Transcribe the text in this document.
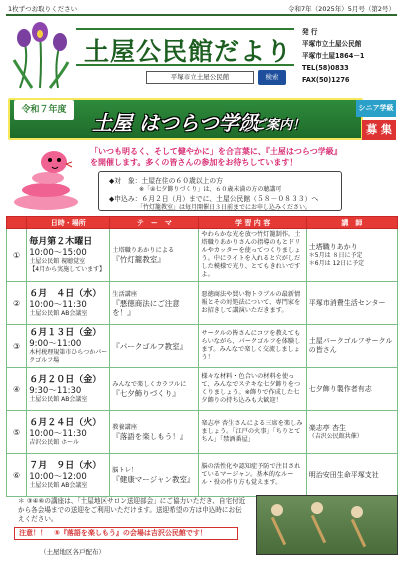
1枚ずつお取りください	令和7年（2025年）5月号（第2号）
土屋公民館だより
平塚市立土屋公民館	検索
発 行
平塚市立土屋公民館
平塚市土屋1864－1
TEL(58)0833
FAX(50)1276
令和７年度
土屋 はつらつ学級
のご案内！
シニア学級
募 集
「いつも明るく、そして健やかに」を合言葉に、『土屋はつらつ学級』
を開催します。多くの皆さんの参加をお待ちしています！
◆対　象：土屋在住の６０歳以上の方
※「④七夕飾りづくり」は、６０歳未満の方の聴講可
◆申込み：６月２日（月）までに、土屋公民館（５８－０８３３）へ
「竹灯籠教室」は毎月開催日３日前までにお申し込みください。
	日時・場所	テ　ー　マ	学 習 内 容	講　師
①	毎月第２木曜日
10:00～15:00
土屋公民館 視聴覚室
【4月から実施しています】	土塔職りあかりによる
『竹灯籠教室』	やわらかな光を放つ竹灯籠制作。土塔職りあかりさんの指導のもとドリルやカッターを使ってつくりましょう。中にライトを入れると穴がしだした模様で光り、とてもきれいですよ。	土塔職りあかり
＊5月は ８日に予定
＊6月は 12日に予定

②	６月　４日（水）
10:00～11:30
土屋公民館 AB会議室	生活講座
『悪徳商法にご注意を！』	悪徳商法や買い物トラブルの最新情報とその対処法について、専門家をお招きして講演いただきます。	平塚市消費生活センター

③	６月１３日（金）
9:00～11:00
木村税理規第市ひらつかパークゴルフ場	『パークゴルフ教室』	サークルの皆さんにコツを教えてもらいながら、パークゴルフを体験します。みんなで楽しく交流しましょう！	土屋パークゴルフサークルの皆さん

④	６月２０日（金）
9:30～11:30
土屋公民館 AB会議室	みんなで楽しくカラフルに
『七夕飾りづくり』	様々な材料・色合いの材料を使って、みんなでステキな七夕飾りをつくりましょう。※飾りで作成した七夕飾りの持ち込みも大歓迎！	七夕飾り製作者有志

⑤	６月２４日（火）
10:00～11:30
吉沢公民館 ホール	教養講座
『落語を楽しもう！』	楽志亭 杏生さんによる三席を楽しみましょう。「江戸の火事」「ちりとてちん」「禁酒番屋」	楽志亭 杏生
（吉沢公民館共催）

⑥	７月　９日（水）
10:00～12:00
土屋公民館 AB会議室	脳トレ！
『健康マージャン教室』	脳の活性化や認知症予防で注目されているマージャン。基本的なルール・役の作り方も覚えます。	明治安田生命平塚支社
＊ ③④⑥の講座は、「土屋地区サロン送迎部会」にご協力いただき、自宅付近から各会場までの送迎をご利用いただけます。送迎希望の方は申込時にお伝えください。
注意！！　⑤『落語を楽しもう』の会場は吉沢公民館です！
（土屋地区各戸配布）
